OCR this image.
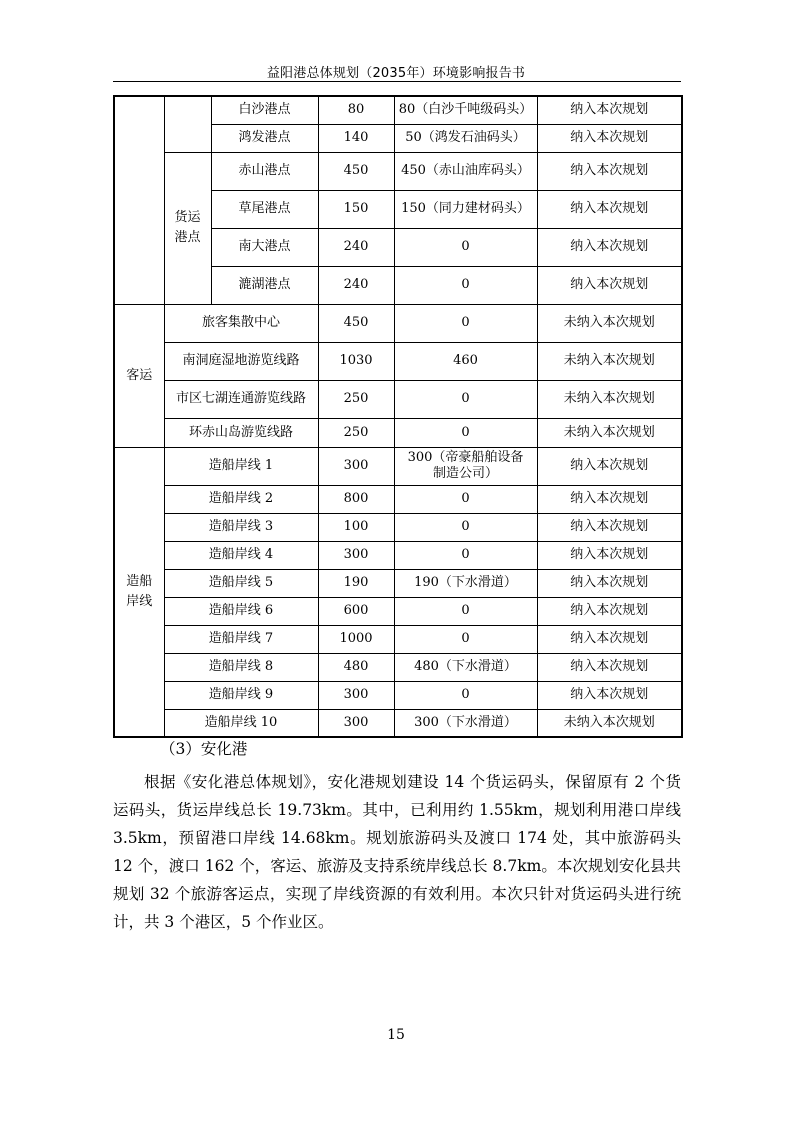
益阳港总体规划（2035年）环境影响报告书
		白沙港点	80	80（白沙千吨级码头）	纳入本次规划
		鸿发港点	140	50（鸿发石油码头）	纳入本次规划
	货运港点	赤山港点	450	450（赤山油库码头）	纳入本次规划
		草尾港点	150	150（同力建材码头）	纳入本次规划
		南大港点	240	0	纳入本次规划
		漉湖港点	240	0	纳入本次规划
客运	旅客集散中心		450	0	未纳入本次规划
	南洞庭湿地游览线路		1030	460	未纳入本次规划
	市区七湖连通游览线路		250	0	未纳入本次规划
	环赤山岛游览线路		250	0	未纳入本次规划
造船岸线	造船岸线 1		300	300（帝豪船舶设备制造公司）	纳入本次规划
	造船岸线 2		800	0	纳入本次规划
	造船岸线 3		100	0	纳入本次规划
	造船岸线 4		300	0	纳入本次规划
	造船岸线 5		190	190（下水滑道）	纳入本次规划
	造船岸线 6		600	0	纳入本次规划
	造船岸线 7		1000	0	纳入本次规划
	造船岸线 8		480	480（下水滑道）	纳入本次规划
	造船岸线 9		300	0	纳入本次规划
	造船岸线 10		300	300（下水滑道）	未纳入本次规划
（3）安化港
根据《安化港总体规划》，安化港规划建设 14 个货运码头，保留原有 2 个货运码头，货运岸线总长 19.73km。其中，已利用约 1.55km，规划利用港口岸线 3.5km，预留港口岸线 14.68km。规划旅游码头及渡口 174 处，其中旅游码头 12 个，渡口 162 个，客运、旅游及支持系统岸线总长 8.7km。本次规划安化县共规划 32 个旅游客运点，实现了岸线资源的有效利用。本次只针对货运码头进行统计，共 3 个港区，5 个作业区。
15
